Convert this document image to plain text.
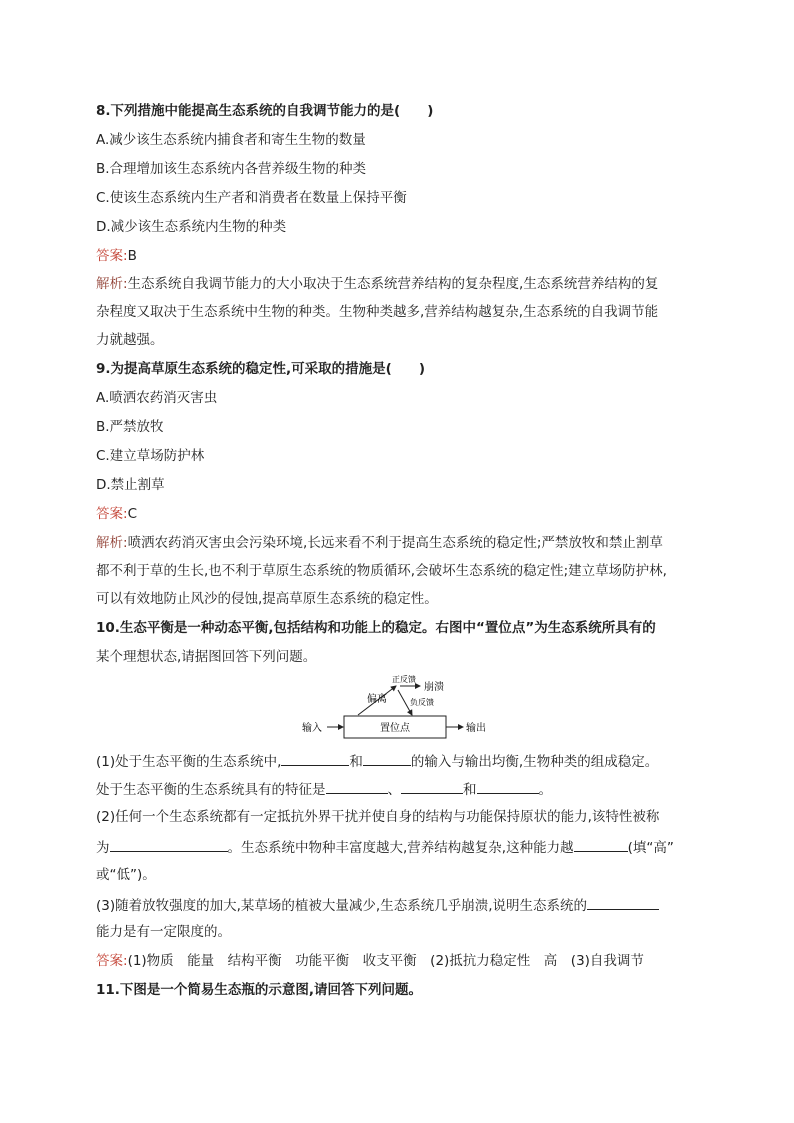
8.下列措施中能提高生态系统的自我调节能力的是(　　)
A.减少该生态系统内捕食者和寄生生物的数量
B.合理增加该生态系统内各营养级生物的种类
C.使该生态系统内生产者和消费者在数量上保持平衡
D.减少该生态系统内生物的种类
答案:B
解析:生态系统自我调节能力的大小取决于生态系统营养结构的复杂程度,生态系统营养结构的复
杂程度又取决于生态系统中生物的种类。生物种类越多,营养结构越复杂,生态系统的自我调节能
力就越强。
9.为提高草原生态系统的稳定性,可采取的措施是(　　)
A.喷洒农药消灭害虫
B.严禁放牧
C.建立草场防护林
D.禁止割草
答案:C
解析:喷洒农药消灭害虫会污染环境,长远来看不利于提高生态系统的稳定性;严禁放牧和禁止割草
都不利于草的生长,也不利于草原生态系统的物质循环,会破坏生态系统的稳定性;建立草场防护林,
可以有效地防止风沙的侵蚀,提高草原生态系统的稳定性。
10.生态平衡是一种动态平衡,包括结构和功能上的稳定。右图中“置位点”为生态系统所具有的
某个理想状态,请据图回答下列问题。
置位点
输入	输出
偏离
正反馈
崩溃
负反馈
(1)处于生态平衡的生态系统中,	和	的输入与输出均衡,生物种类的组成稳定。
处于生态平衡的生态系统具有的特征是	、	和	。
(2)任何一个生态系统都有一定抵抗外界干扰并使自身的结构与功能保持原状的能力,该特性被称
为	。生态系统中物种丰富度越大,营养结构越复杂,这种能力越	(填“高”
或“低”)。
(3)随着放牧强度的加大,某草场的植被大量减少,生态系统几乎崩溃,说明生态系统的
能力是有一定限度的。
答案:(1)物质　能量　结构平衡　功能平衡　收支平衡　(2)抵抗力稳定性　高　(3)自我调节
11.下图是一个简易生态瓶的示意图,请回答下列问题。
